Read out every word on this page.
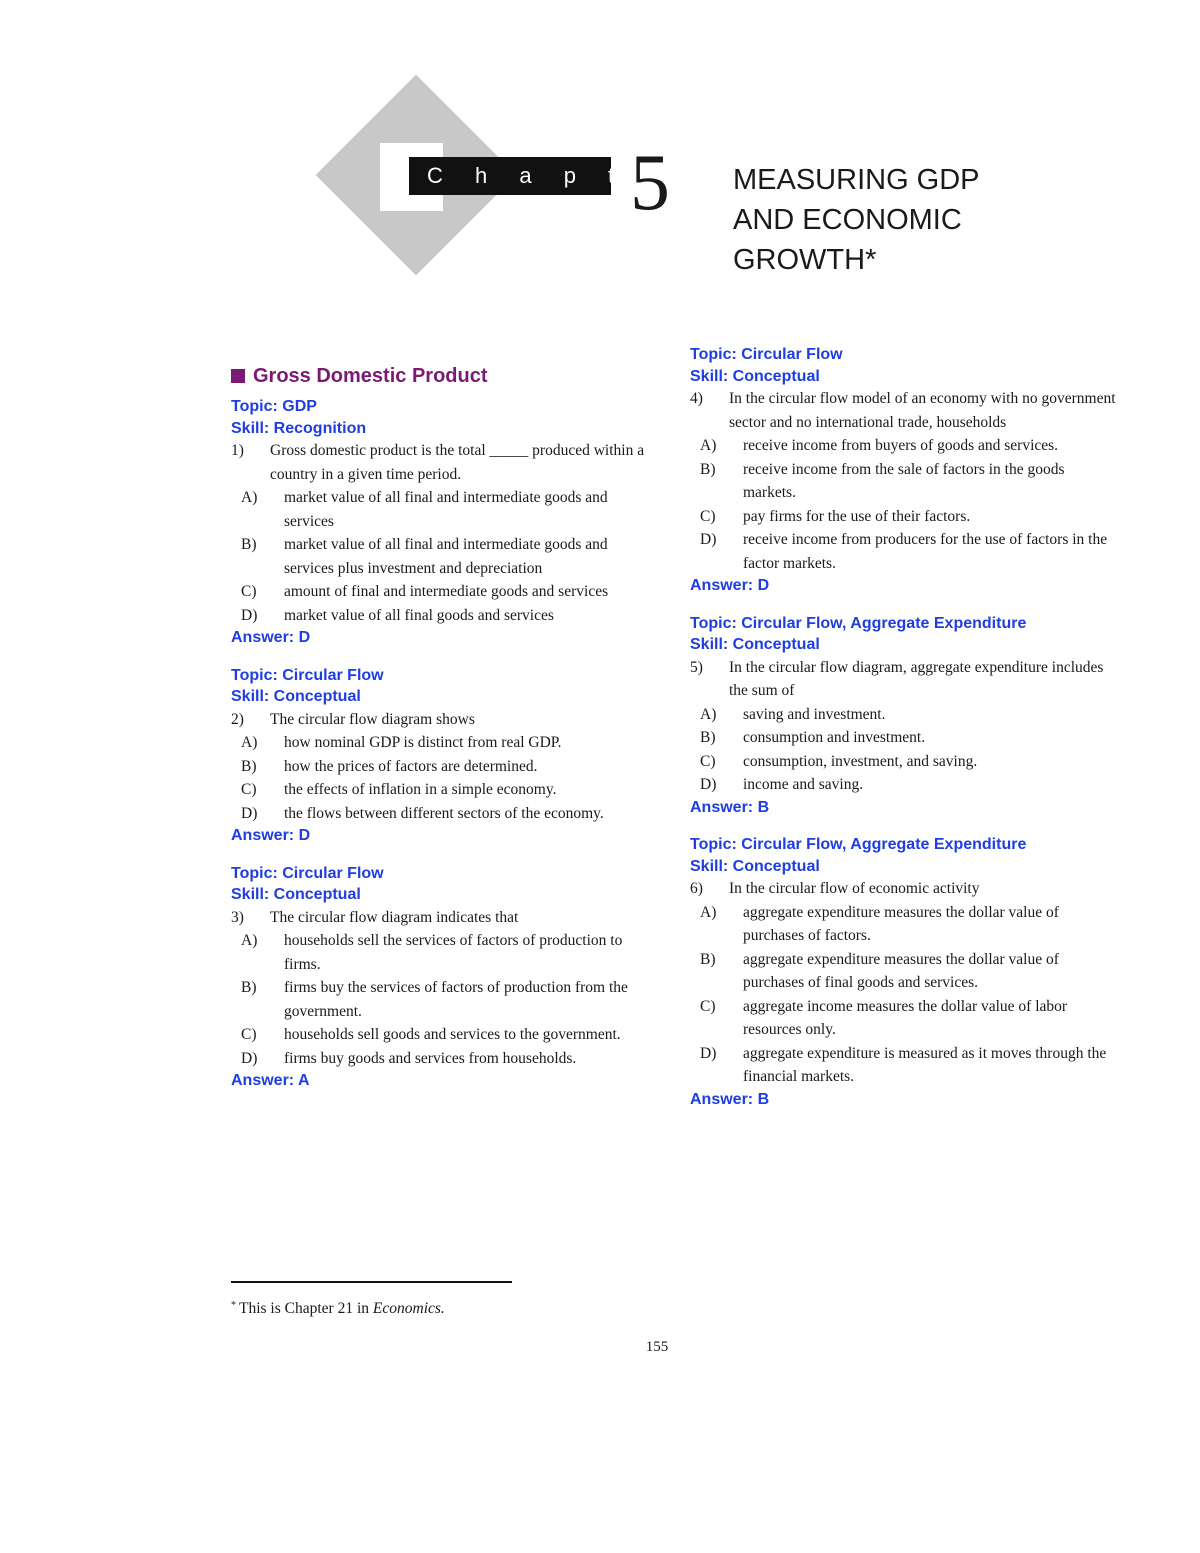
C h a p t e r
5 MEASURING GDP
AND ECONOMIC
GROWTH*
Gross Domestic Product
Topic: GDP
Skill: Recognition
1) Gross domestic product is the total _____ produced within a country in a given time period.
A) market value of all final and intermediate goods and services
B) market value of all final and intermediate goods and services plus investment and depreciation
C) amount of final and intermediate goods and services
D) market value of all final goods and services
Answer: D
Topic: Circular Flow
Skill: Conceptual
2) The circular flow diagram shows
A) how nominal GDP is distinct from real GDP.
B) how the prices of factors are determined.
C) the effects of inflation in a simple economy.
D) the flows between different sectors of the economy.
Answer: D
Topic: Circular Flow
Skill: Conceptual
3) The circular flow diagram indicates that
A) households sell the services of factors of production to firms.
B) firms buy the services of factors of production from the government.
C) households sell goods and services to the government.
D) firms buy goods and services from households.
Answer: A
Topic: Circular Flow
Skill: Conceptual
4) In the circular flow model of an economy with no government sector and no international trade, households
A) receive income from buyers of goods and services.
B) receive income from the sale of factors in the goods markets.
C) pay firms for the use of their factors.
D) receive income from producers for the use of factors in the factor markets.
Answer: D
Topic: Circular Flow, Aggregate Expenditure
Skill: Conceptual
5) In the circular flow diagram, aggregate expenditure includes the sum of
A) saving and investment.
B) consumption and investment.
C) consumption, investment, and saving.
D) income and saving.
Answer: B
Topic: Circular Flow, Aggregate Expenditure
Skill: Conceptual
6) In the circular flow of economic activity
A) aggregate expenditure measures the dollar value of purchases of factors.
B) aggregate expenditure measures the dollar value of purchases of final goods and services.
C) aggregate income measures the dollar value of labor resources only.
D) aggregate expenditure is measured as it moves through the financial markets.
Answer: B
* This is Chapter 21 in Economics.
155
